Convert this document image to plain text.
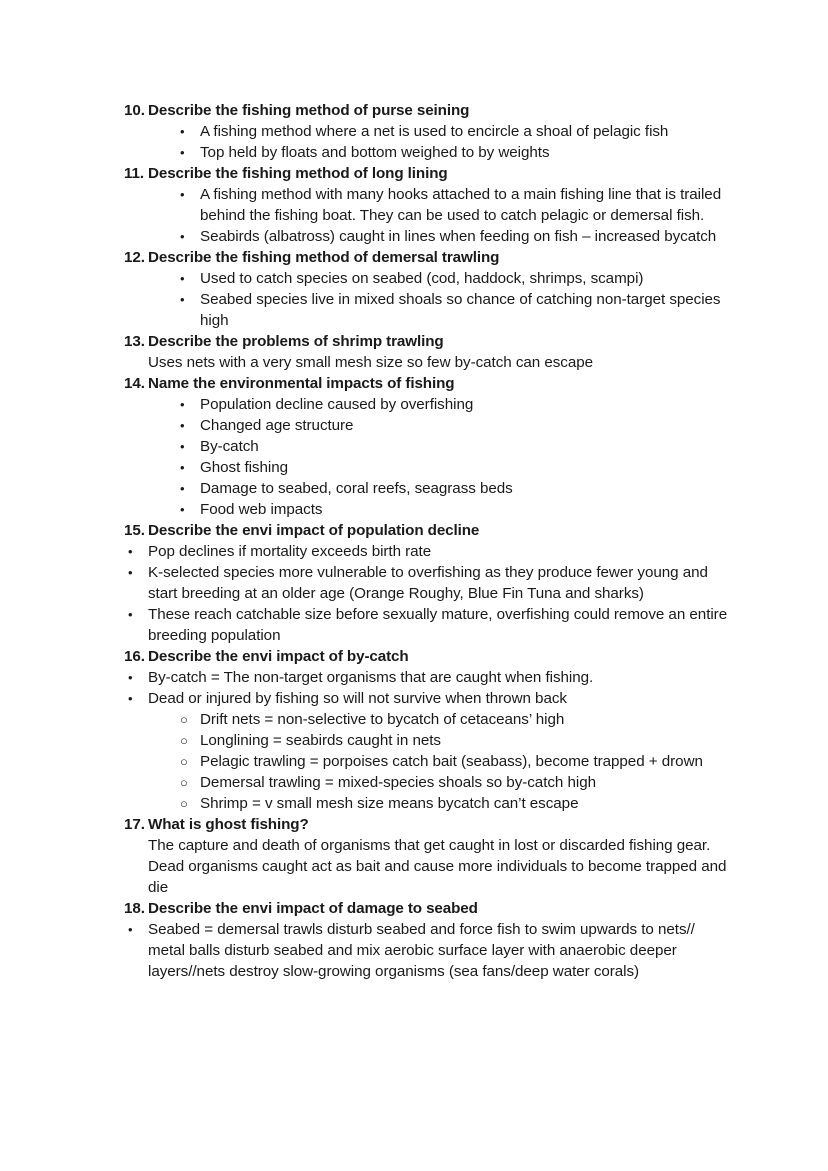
10. Describe the fishing method of purse seining
•	A fishing method where a net is used to encircle a shoal of pelagic fish
•	Top held by floats and bottom weighed to by weights
11. Describe the fishing method of long lining
•	A fishing method with many hooks attached to a main fishing line that is trailed behind the fishing boat. They can be used to catch pelagic or demersal fish.
•	Seabirds (albatross) caught in lines when feeding on fish – increased bycatch
12. Describe the fishing method of demersal trawling
•	Used to catch species on seabed (cod, haddock, shrimps, scampi)
•	Seabed species live in mixed shoals so chance of catching non-target species high
13. Describe the problems of shrimp trawling
Uses nets with a very small mesh size so few by-catch can escape
14. Name the environmental impacts of fishing
•	Population decline caused by overfishing
•	Changed age structure
•	By-catch
•	Ghost fishing
•	Damage to seabed, coral reefs, seagrass beds
•	Food web impacts
15. Describe the envi impact of population decline
•	Pop declines if mortality exceeds birth rate
•	K-selected species more vulnerable to overfishing as they produce fewer young and start breeding at an older age (Orange Roughy, Blue Fin Tuna and sharks)
•	These reach catchable size before sexually mature, overfishing could remove an entire breeding population
16. Describe the envi impact of by-catch
•	By-catch = The non-target organisms that are caught when fishing.
•	Dead or injured by fishing so will not survive when thrown back
○ Drift nets = non-selective to bycatch of cetaceans’ high
○ Longlining = seabirds caught in nets
○ Pelagic trawling = porpoises catch bait (seabass), become trapped + drown
○ Demersal trawling = mixed-species shoals so by-catch high
○ Shrimp = v small mesh size means bycatch can’t escape
17. What is ghost fishing?
The capture and death of organisms that get caught in lost or discarded fishing gear. Dead organisms caught act as bait and cause more individuals to become trapped and die
18. Describe the envi impact of damage to seabed
•	Seabed = demersal trawls disturb seabed and force fish to swim upwards to nets// metal balls disturb seabed and mix aerobic surface layer with anaerobic deeper layers//nets destroy slow-growing organisms (sea fans/deep water corals)
